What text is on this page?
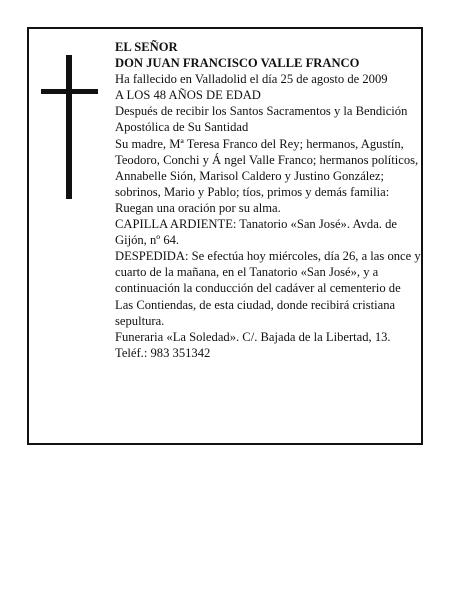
EL SEÑOR

DON JUAN FRANCISCO VALLE FRANCO

Ha fallecido en Valladolid el día 25 de agosto de 2009

A LOS 48 AÑOS DE EDAD

Después de recibir los Santos Sacramentos y la Bendición Apostólica de Su Santidad

Su madre, Mª Teresa Franco del Rey; hermanos, Agustín, Teodoro, Conchi y Á ngel Valle Franco; hermanos políticos, Annabelle Sión, Marisol Caldero y Justino González; sobrinos, Mario y Pablo; tíos, primos y demás familia:

Ruegan una oración por su alma.

CAPILLA ARDIENTE: Tanatorio «San José». Avda. de Gijón, nº 64.

DESPEDIDA: Se efectúa hoy miércoles, día 26, a las once y cuarto de la mañana, en el Tanatorio «San José», y a continuación la conducción del cadáver al cementerio de Las Contiendas, de esta ciudad, donde recibirá cristiana sepultura.

Funeraria «La Soledad». C/. Bajada de la Libertad, 13.

Teléf.: 983 351342
